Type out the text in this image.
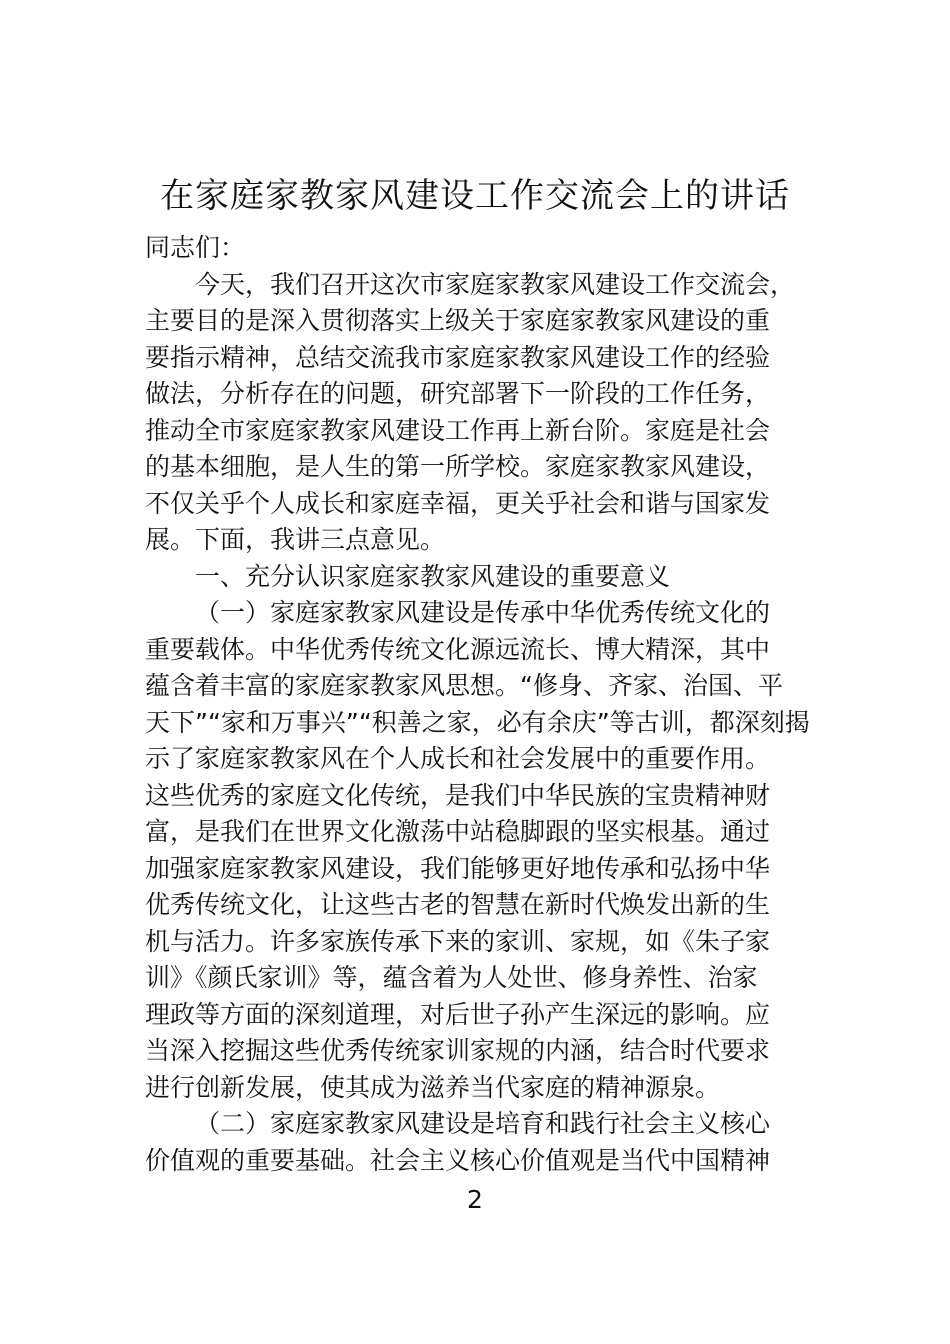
在家庭家教家风建设工作交流会上的讲话
同志们：
今天，我们召开这次市家庭家教家风建设工作交流会，
主要目的是深入贯彻落实上级关于家庭家教家风建设的重
要指示精神，总结交流我市家庭家教家风建设工作的经验
做法，分析存在的问题，研究部署下一阶段的工作任务，
推动全市家庭家教家风建设工作再上新台阶。家庭是社会
的基本细胞，是人生的第一所学校。家庭家教家风建设，
不仅关乎个人成长和家庭幸福，更关乎社会和谐与国家发
展。下面，我讲三点意见。
一、充分认识家庭家教家风建设的重要意义
（一）家庭家教家风建设是传承中华优秀传统文化的
重要载体。中华优秀传统文化源远流长、博大精深，其中
蕴含着丰富的家庭家教家风思想。“修身、齐家、治国、平
天下”“家和万事兴”“积善之家，必有余庆”等古训，都深刻揭
示了家庭家教家风在个人成长和社会发展中的重要作用。
这些优秀的家庭文化传统，是我们中华民族的宝贵精神财
富，是我们在世界文化激荡中站稳脚跟的坚实根基。通过
加强家庭家教家风建设，我们能够更好地传承和弘扬中华
优秀传统文化，让这些古老的智慧在新时代焕发出新的生
机与活力。许多家族传承下来的家训、家规，如《朱子家
训》《颜氏家训》等，蕴含着为人处世、修身养性、治家
理政等方面的深刻道理，对后世子孙产生深远的影响。应
当深入挖掘这些优秀传统家训家规的内涵，结合时代要求
进行创新发展，使其成为滋养当代家庭的精神源泉。
（二）家庭家教家风建设是培育和践行社会主义核心
价值观的重要基础。社会主义核心价值观是当代中国精神
2
